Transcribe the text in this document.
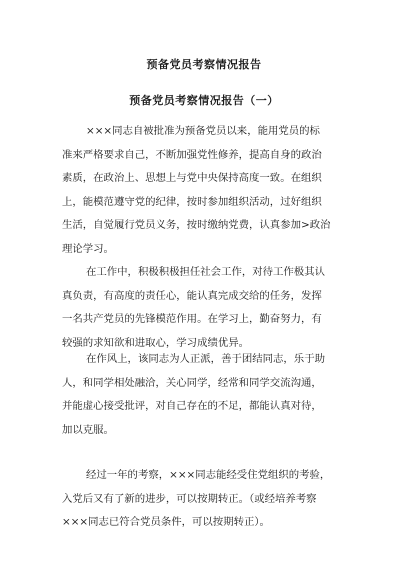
预备党员考察情况报告
预备党员考察情况报告（一）
×××同志自被批准为预备党员以来，能用党员的标
准来严格要求自己，不断加强党性修养，提高自身的政治
素质，在政治上、思想上与党中央保持高度一致。在组织
上，能模范遵守党的纪律，按时参加组织活动，过好组织
生活，自觉履行党员义务，按时缴纳党费，认真参加>政治
理论学习。
在工作中，积极积极担任社会工作，对待工作极其认
真负责，有高度的责任心，能认真完成交给的任务，发挥
一名共产党员的先锋模范作用。在学习上，勤奋努力，有
较强的求知欲和进取心，学习成绩优异。
在作风上，该同志为人正派，善于团结同志，乐于助
人，和同学相处融洽，关心同学，经常和同学交流沟通，
并能虚心接受批评，对自己存在的不足，都能认真对待，
加以克服。
经过一年的考察，×××同志能经受住党组织的考验，
入党后又有了新的进步，可以按期转正。（或经培养考察
×××同志已符合党员条件，可以按期转正）。
